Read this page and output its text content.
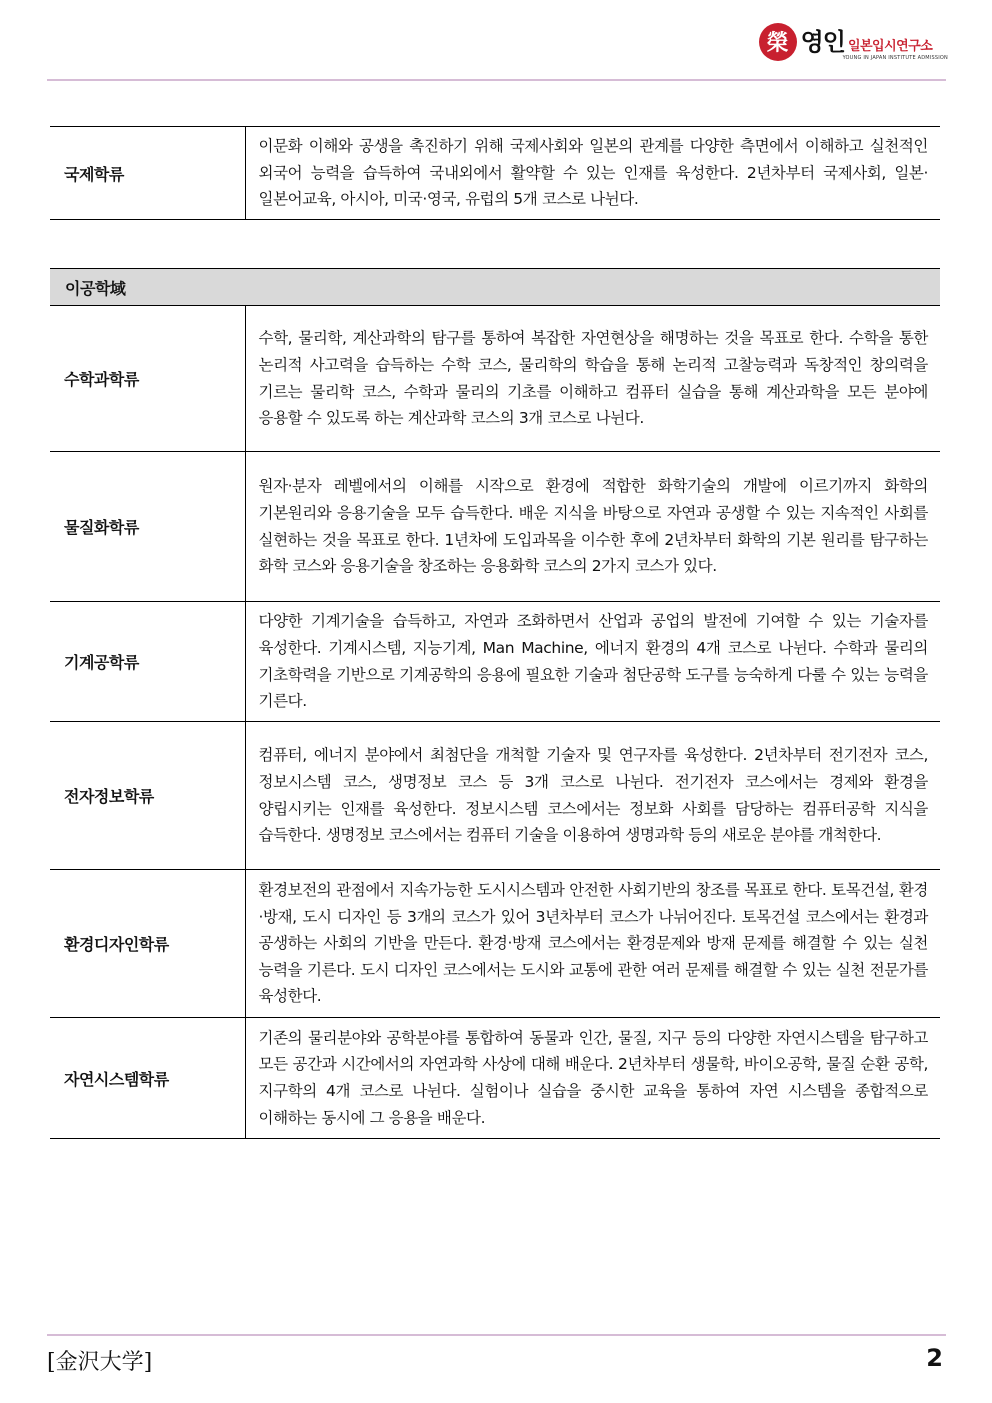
榮 영인 일본입시연구소
YOUNG IN JAPAN INSTITUTE ADMISSION
국제학류	이문화 이해와 공생을 촉진하기 위해 국제사회와 일본의 관계를 다양한 측면에서 이해하고 실천적인 외국어 능력을 습득하여 국내외에서 활약할 수 있는 인재를 육성한다. 2년차부터 국제사회, 일본·일본어교육, 아시아, 미국·영국, 유럽의 5개 코스로 나뉜다.
이공학域	
수학과학류	수학, 물리학, 계산과학의 탐구를 통하여 복잡한 자연현상을 해명하는 것을 목표로 한다. 수학을 통한 논리적 사고력을 습득하는 수학 코스, 물리학의 학습을 통해 논리적 고찰능력과 독창적인 창의력을 기르는 물리학 코스, 수학과 물리의 기초를 이해하고 컴퓨터 실습을 통해 계산과학을 모든 분야에 응용할 수 있도록 하는 계산과학 코스의 3개 코스로 나뉜다.
물질화학류	원자·분자 레벨에서의 이해를 시작으로 환경에 적합한 화학기술의 개발에 이르기까지 화학의 기본원리와 응용기술을 모두 습득한다. 배운 지식을 바탕으로 자연과 공생할 수 있는 지속적인 사회를 실현하는 것을 목표로 한다. 1년차에 도입과목을 이수한 후에 2년차부터 화학의 기본 원리를 탐구하는 화학 코스와 응용기술을 창조하는 응용화학 코스의 2가지 코스가 있다.
기계공학류	다양한 기계기술을 습득하고, 자연과 조화하면서 산업과 공업의 발전에 기여할 수 있는 기술자를 육성한다. 기계시스템, 지능기계, Man Machine, 에너지 환경의 4개 코스로 나뉜다. 수학과 물리의 기초학력을 기반으로 기계공학의 응용에 필요한 기술과 첨단공학 도구를 능숙하게 다룰 수 있는 능력을 기른다.
전자정보학류	컴퓨터, 에너지 분야에서 최첨단을 개척할 기술자 및 연구자를 육성한다. 2년차부터 전기전자 코스, 정보시스템 코스, 생명정보 코스 등 3개 코스로 나뉜다. 전기전자 코스에서는 경제와 환경을 양립시키는 인재를 육성한다. 정보시스템 코스에서는 정보화 사회를 담당하는 컴퓨터공학 지식을 습득한다. 생명정보 코스에서는 컴퓨터 기술을 이용하여 생명과학 등의 새로운 분야를 개척한다.
환경디자인학류	환경보전의 관점에서 지속가능한 도시시스템과 안전한 사회기반의 창조를 목표로 한다. 토목건설, 환경·방재, 도시 디자인 등 3개의 코스가 있어 3년차부터 코스가 나뉘어진다. 토목건설 코스에서는 환경과 공생하는 사회의 기반을 만든다. 환경·방재 코스에서는 환경문제와 방재 문제를 해결할 수 있는 실천 능력을 기른다. 도시 디자인 코스에서는 도시와 교통에 관한 여러 문제를 해결할 수 있는 실천 전문가를 육성한다.
자연시스템학류	기존의 물리분야와 공학분야를 통합하여 동물과 인간, 물질, 지구 등의 다양한 자연시스템을 탐구하고 모든 공간과 시간에서의 자연과학 사상에 대해 배운다. 2년차부터 생물학, 바이오공학, 물질 순환 공학, 지구학의 4개 코스로 나뉜다. 실험이나 실습을 중시한 교육을 통하여 자연 시스템을 종합적으로 이해하는 동시에 그 응용을 배운다.
[金沢大学]	2
